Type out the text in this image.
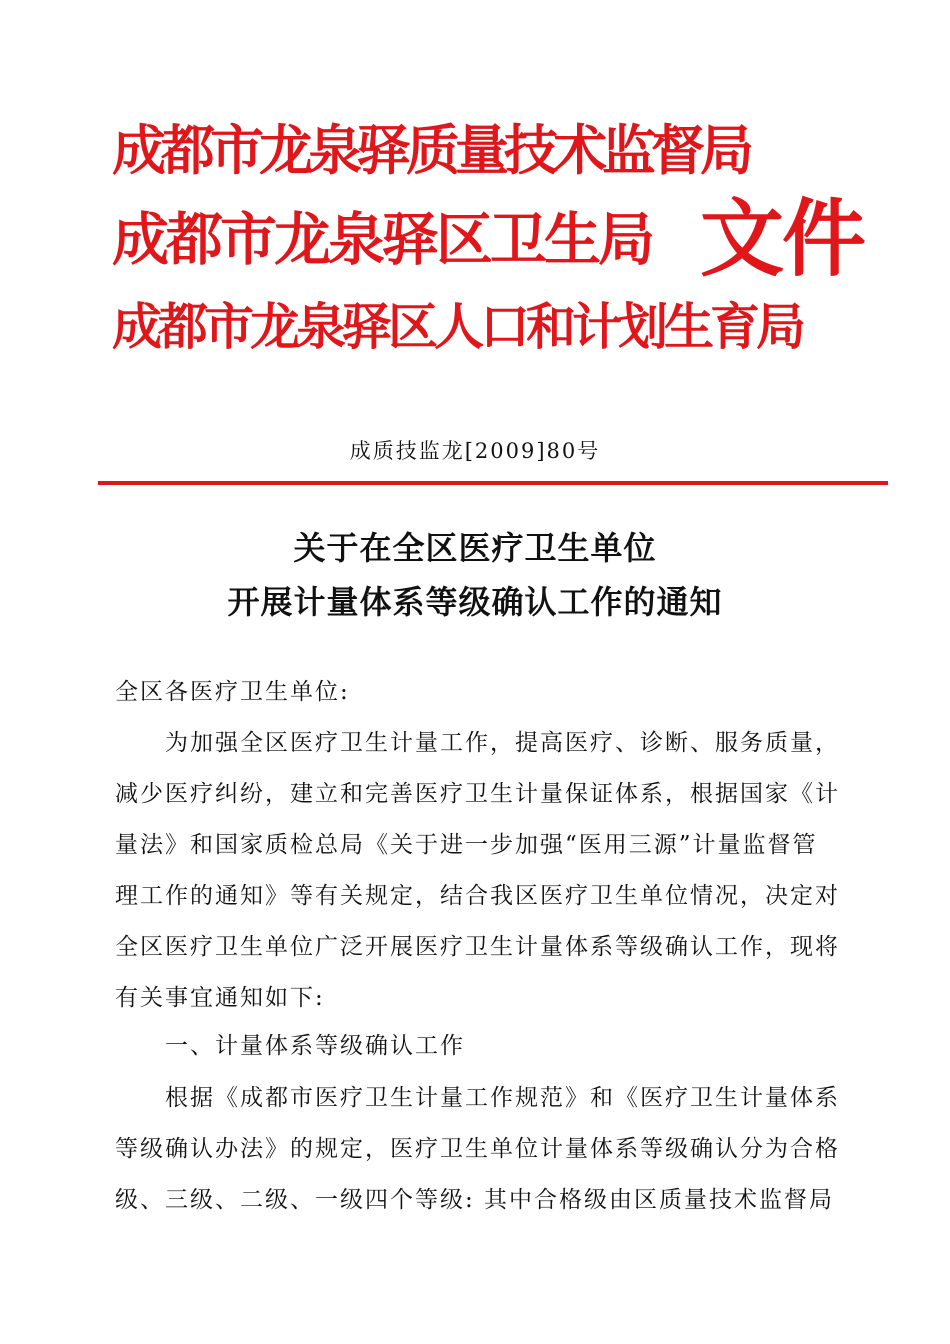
成都市龙泉驿质量技术监督局
成都市龙泉驿区卫生局 文件
成都市龙泉驿区人口和计划生育局
成质技监龙[2009]80号
关于在全区医疗卫生单位
开展计量体系等级确认工作的通知
全区各医疗卫生单位:
　　为加强全区医疗卫生计量工作，提高医疗、诊断、服务质量，
减少医疗纠纷，建立和完善医疗卫生计量保证体系，根据国家《计
量法》和国家质检总局《关于进一步加强“医用三源”计量监督管
理工作的通知》等有关规定，结合我区医疗卫生单位情况，决定对
全区医疗卫生单位广泛开展医疗卫生计量体系等级确认工作，现将
有关事宜通知如下:
　　一、计量体系等级确认工作
　　根据《成都市医疗卫生计量工作规范》和《医疗卫生计量体系
等级确认办法》的规定，医疗卫生单位计量体系等级确认分为合格
级、三级、二级、一级四个等级: 其中合格级由区质量技术监督局
